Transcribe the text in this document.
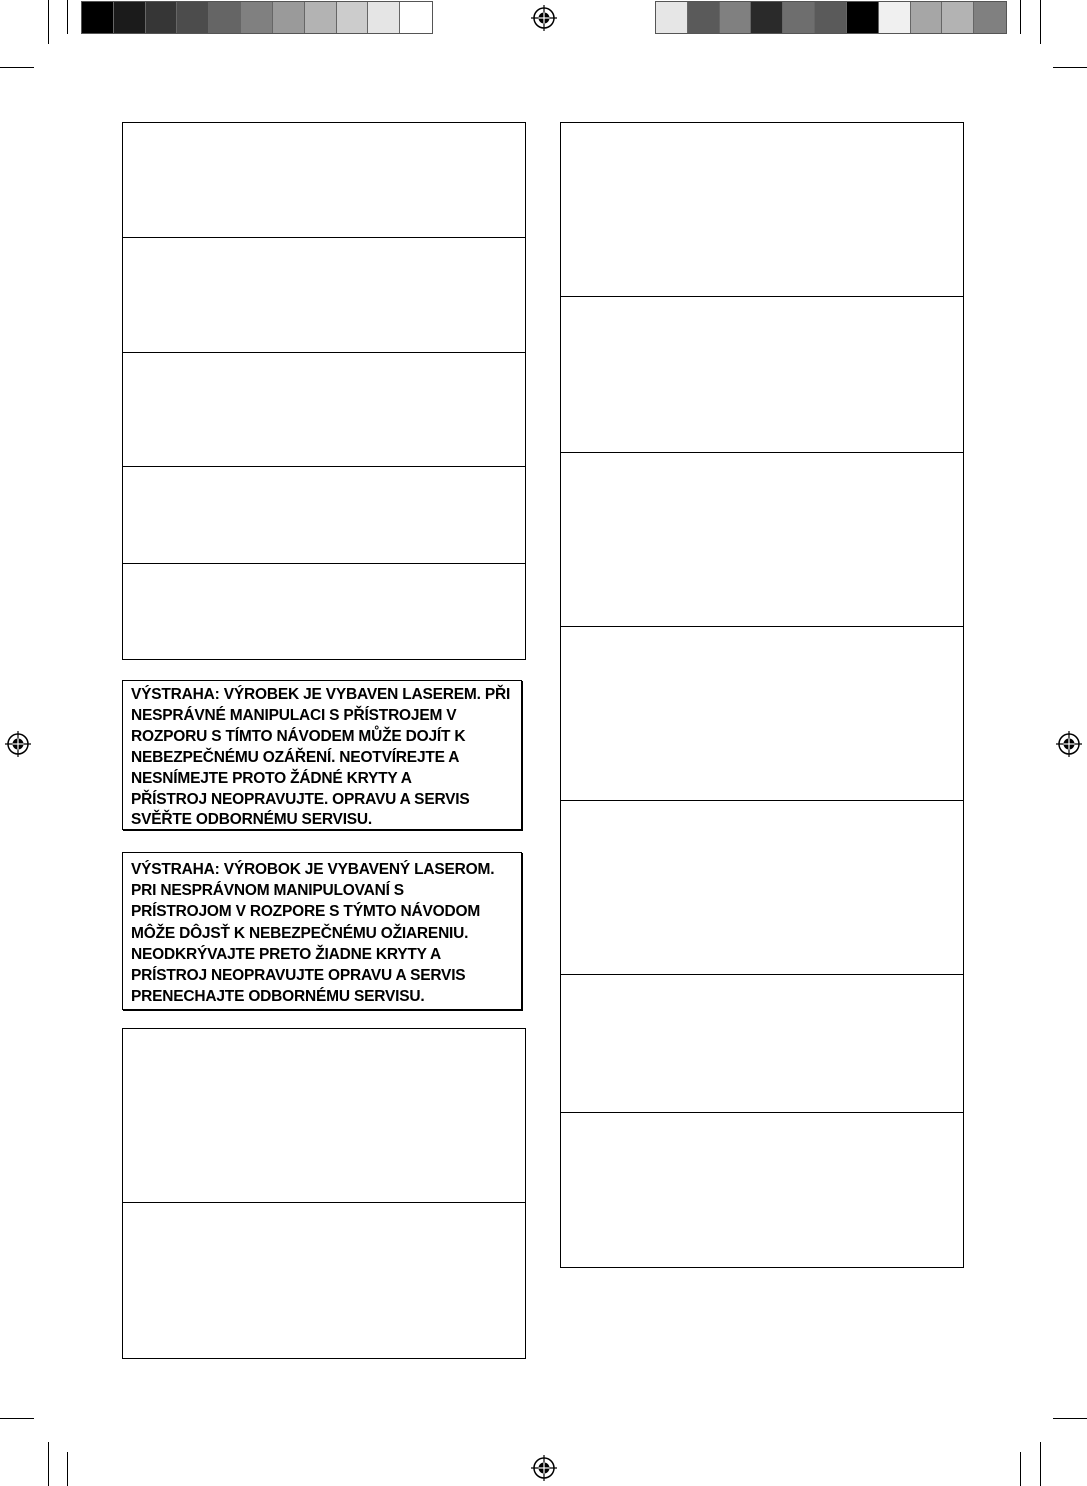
VÝSTRAHA: VÝROBEK JE VYBAVEN LASEREM. PŘI
NESPRÁVNÉ MANIPULACI S PŘÍSTROJEM V
ROZPORU S TÍMTO NÁVODEM MŮŽE DOJÍT K
NEBEZPEČNÉMU OZÁŘENÍ. NEOTVÍREJTE A
NESNÍMEJTE PROTO ŽÁDNÉ KRYTY A
PŘÍSTROJ NEOPRAVUJTE. OPRAVU A SERVIS
SVĚŘTE ODBORNÉMU SERVISU.
VÝSTRAHA: VÝROBOK JE VYBAVENÝ LASEROM.
PRI NESPRÁVNOM MANIPULOVANÍ S
PRÍSTROJOM V ROZPORE S TÝMTO NÁVODOM
MÔŽE DÔJSŤ K NEBEZPEČNÉMU OŽIARENIU.
NEODKRÝVAJTE PRETO ŽIADNE KRYTY A
PRÍSTROJ NEOPRAVUJTE OPRAVU A SERVIS
PRENECHAJTE ODBORNÉMU SERVISU.
